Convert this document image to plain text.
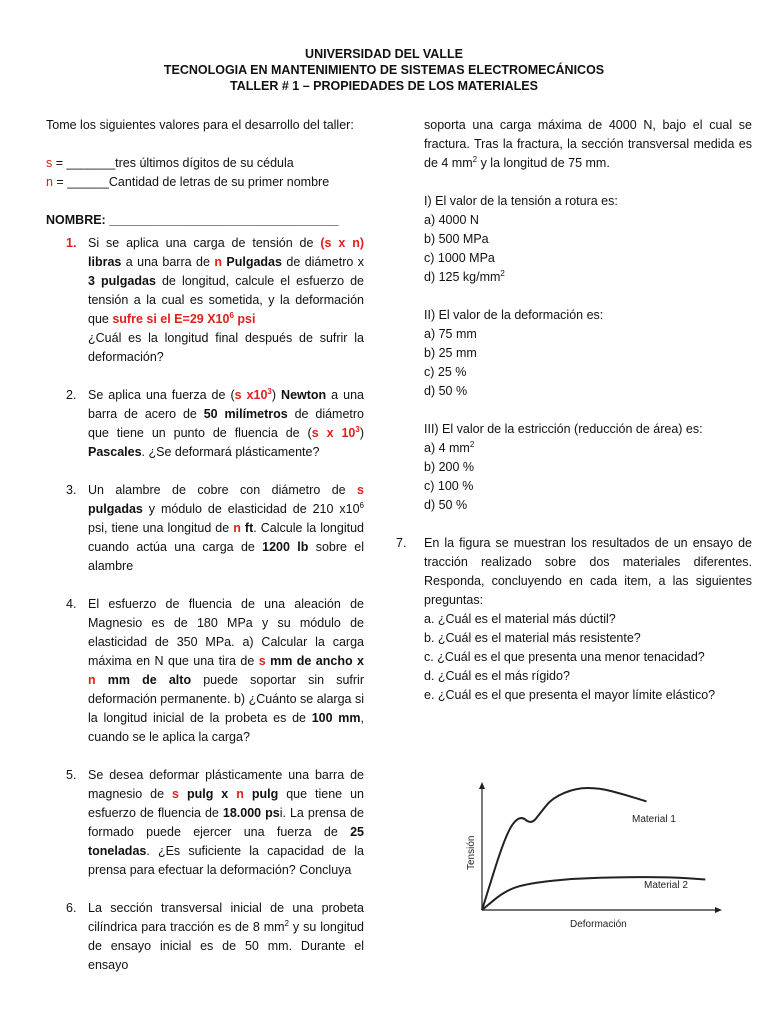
UNIVERSIDAD DEL VALLE
TECNOLOGIA EN MANTENIMIENTO DE SISTEMAS ELECTROMECÁNICOS
TALLER # 1 – PROPIEDADES DE LOS MATERIALES

Tome los siguientes valores para el desarrollo del taller:

s = _______tres últimos dígitos de su cédula

n = ______Cantidad de letras de su primer nombre

NOMBRE: _________________________________

1. Si se aplica una carga de tensión de (s x n) libras a una barra de n Pulgadas de diámetro x 3 pulgadas de longitud, calcule el esfuerzo de tensión a la cual es sometida, y la deformación que sufre si el E=29 $X10^6$ psi
¿Cuál es la longitud final después de sufrir la deformación?
2. Se aplica una fuerza de (s $x10^3$) Newton a una barra de acero de 50 milímetros de diámetro que tiene un punto de fluencia de (s x $10^3$) Pascales. ¿Se deformará plásticamente?
3. Un alambre de cobre con diámetro de s pulgadas y módulo de elasticidad de 210 $x10^6$ psi, tiene una longitud de n ft. Calcule la longitud cuando actúa una carga de 1200 lb sobre el alambre
4. El esfuerzo de fluencia de una aleación de Magnesio es de 180 MPa y su módulo de elasticidad de 350 MPa. a) Calcular la carga máxima en N que una tira de s mm de ancho x n mm de alto puede soportar sin sufrir deformación permanente. b) ¿Cuánto se alarga si la longitud inicial de la probeta es de 100 mm, cuando se le aplica la carga?
5. Se desea deformar plásticamente una barra de magnesio de s pulg x n pulg que tiene un esfuerzo de fluencia de 18.000 psi. La prensa de formado puede ejercer una fuerza de 25 toneladas. ¿Es suficiente la capacidad de la prensa para efectuar la deformación? Concluya
6. La sección transversal inicial de una probeta cilíndrica para tracción es de 8 $mm^2$ y su longitud de ensayo inicial es de 50 mm. Durante el ensayo

soporta una carga máxima de 4000 N, bajo el cual se fractura. Tras la fractura, la sección transversal medida es de 4 $mm^2$ y la longitud de 75 mm.

I) El valor de la tensión a rotura es:

a) 4000 N

b) 500 MPa

c) 1000 MPa

d) 125 $kg/mm^2$

II) El valor de la deformación es:

a) 75 mm

b) 25 mm

c) 25 %

d) 50 %

III) El valor de la estricción (reducción de área) es:

a) 4 $mm^2$

b) 200 %

c) 100 %

d) 50 %

7.	En la figura se muestran los resultados de un ensayo de tracción realizado sobre dos materiales diferentes. Responda, concluyendo en cada item, a las siguientes preguntas:
a. ¿Cuál es el material más dúctil?
b. ¿Cuál es el material más resistente?
c. ¿Cuál es el que presenta una menor tenacidad?
d. ¿Cuál es el más rígido?
e. ¿Cuál es el que presenta el mayor límite elástico?
Material 1
Material 2
Deformación
Tensión
